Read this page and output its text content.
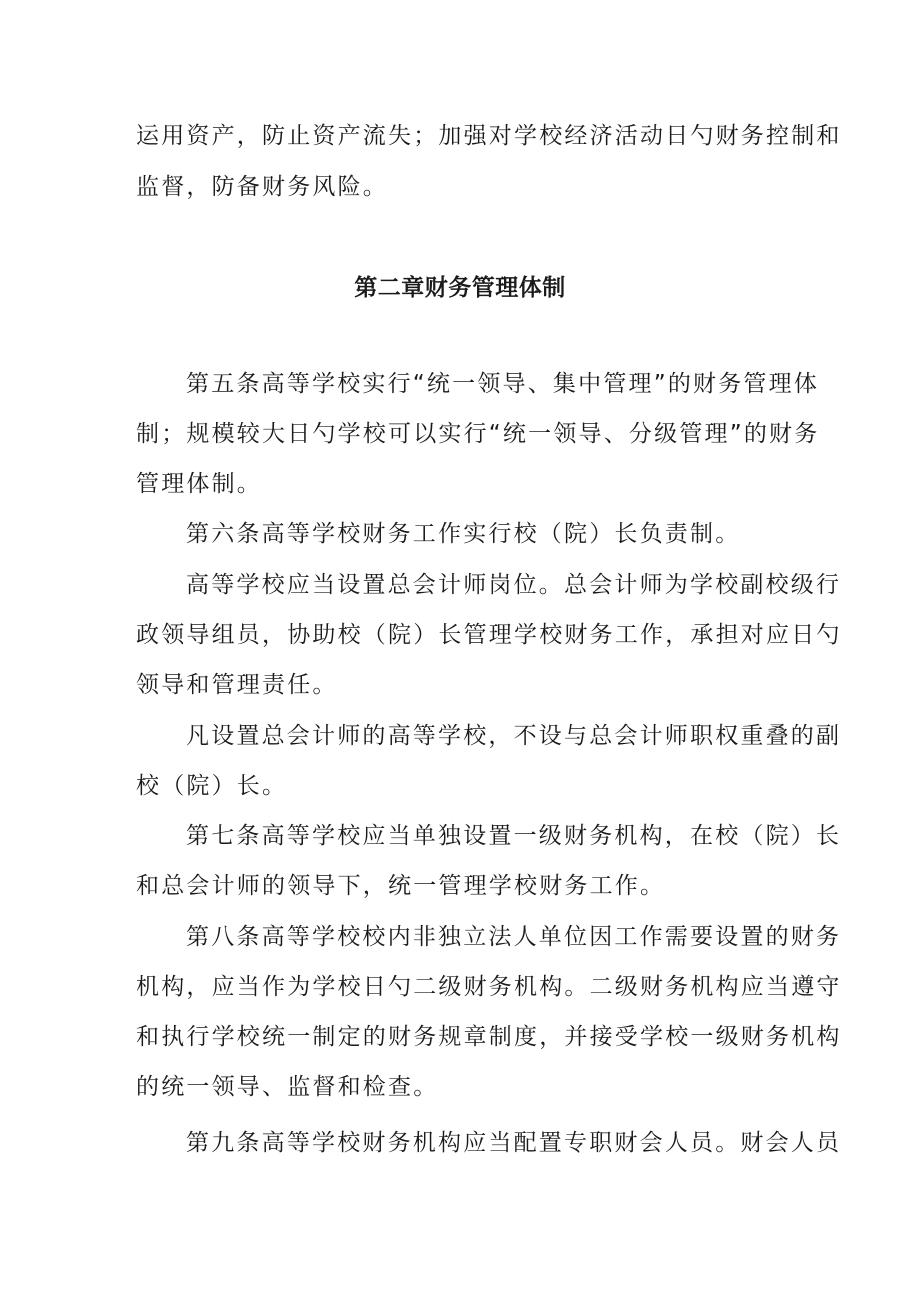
运用资产，防止资产流失；加强对学校经济活动日勺财务控制和
监督，防备财务风险。
第二章财务管理体制
第五条高等学校实行“统一领导、集中管理”的财务管理体
制；规模较大日勺学校可以实行“统一领导、分级管理”的财务
管理体制。
第六条高等学校财务工作实行校（院）长负责制。
高等学校应当设置总会计师岗位。总会计师为学校副校级行
政领导组员，协助校（院）长管理学校财务工作，承担对应日勺
领导和管理责任。
凡设置总会计师的高等学校，不设与总会计师职权重叠的副
校（院）长。
第七条高等学校应当单独设置一级财务机构，在校（院）长
和总会计师的领导下，统一管理学校财务工作。
第八条高等学校校内非独立法人单位因工作需要设置的财务
机构，应当作为学校日勺二级财务机构。二级财务机构应当遵守
和执行学校统一制定的财务规章制度，并接受学校一级财务机构
的统一领导、监督和检查。
第九条高等学校财务机构应当配置专职财会人员。财会人员
